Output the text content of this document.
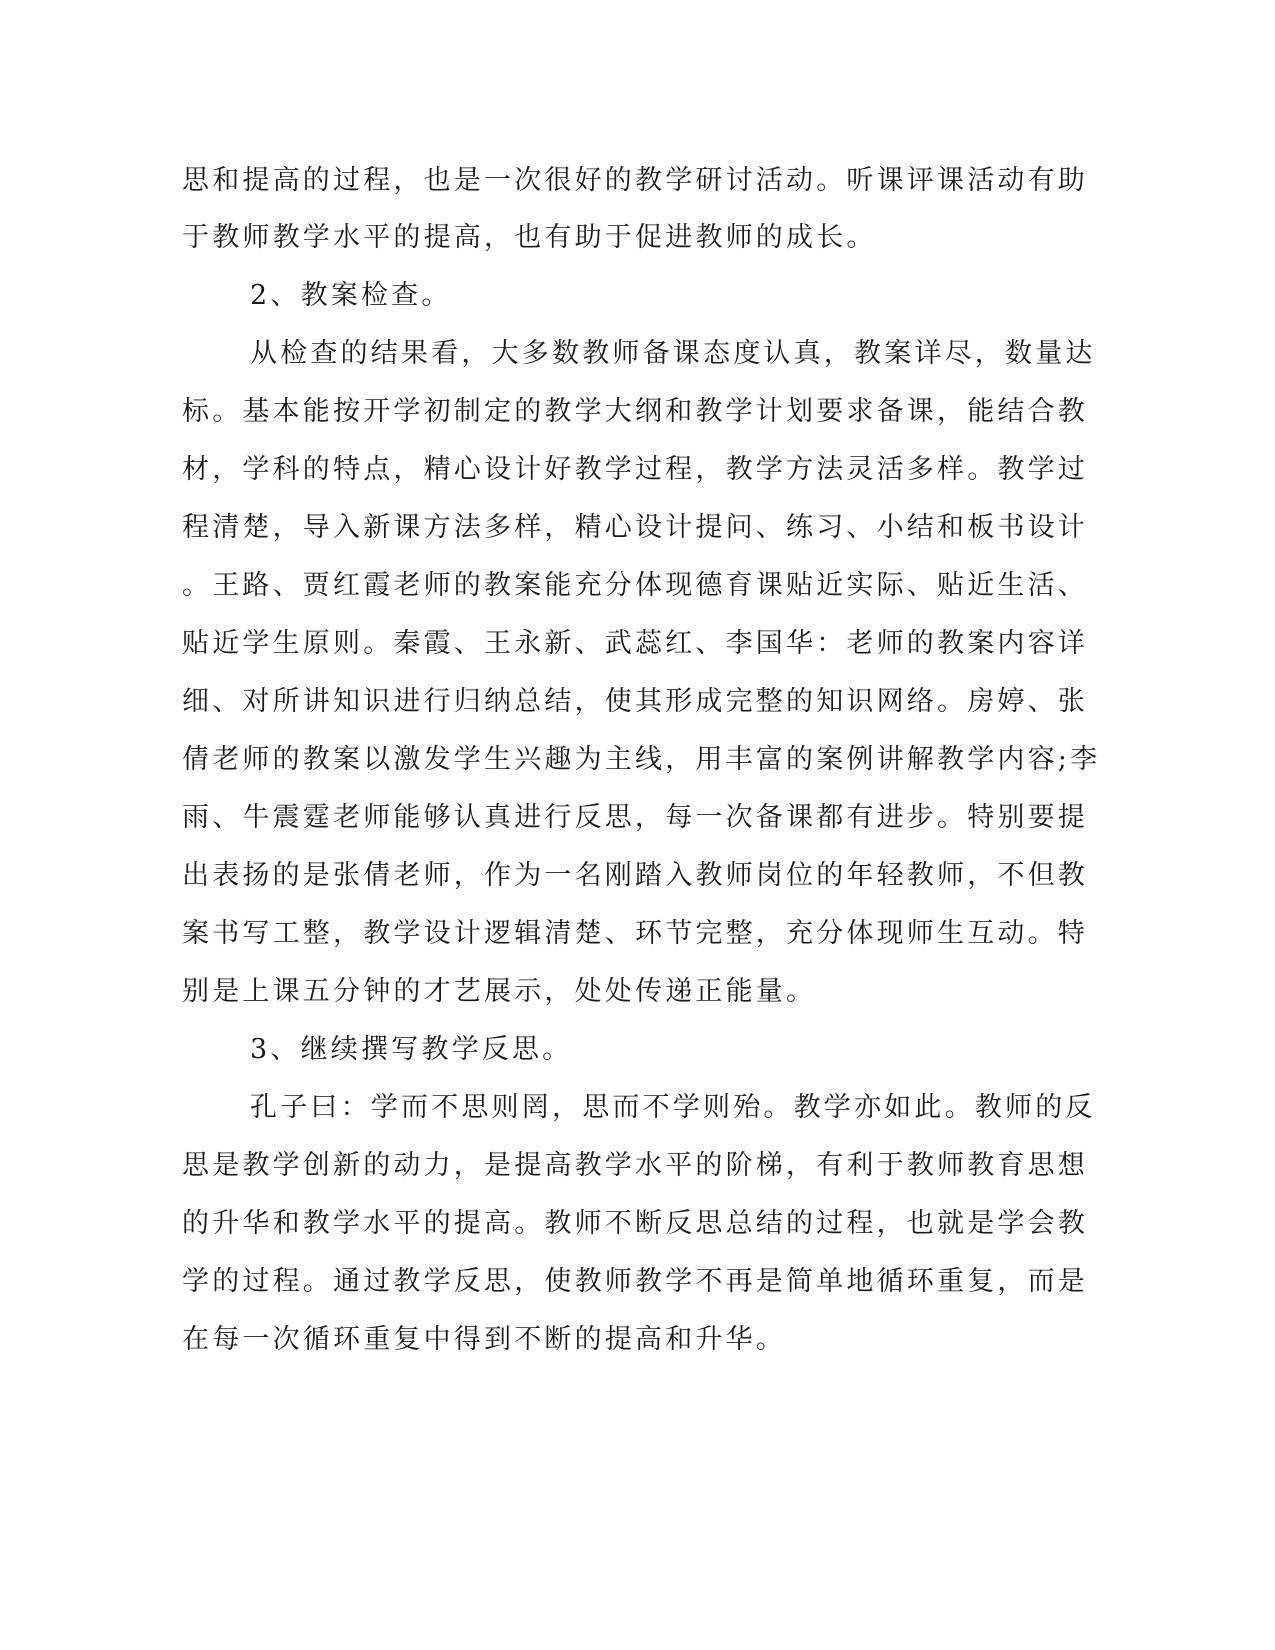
思和提高的过程，也是一次很好的教学研讨活动。听课评课活动有助
于教师教学水平的提高，也有助于促进教师的成长。
2、教案检查。
从检查的结果看，大多数教师备课态度认真，教案详尽，数量达
标。基本能按开学初制定的教学大纲和教学计划要求备课，能结合教
材，学科的特点，精心设计好教学过程，教学方法灵活多样。教学过
程清楚，导入新课方法多样，精心设计提问、练习、小结和板书设计
。王路、贾红霞老师的教案能充分体现德育课贴近实际、贴近生活、
贴近学生原则。秦霞、王永新、武蕊红、李国华：老师的教案内容详
细、对所讲知识进行归纳总结，使其形成完整的知识网络。房婷、张
倩老师的教案以激发学生兴趣为主线，用丰富的案例讲解教学内容;李
雨、牛震霆老师能够认真进行反思，每一次备课都有进步。特别要提
出表扬的是张倩老师，作为一名刚踏入教师岗位的年轻教师，不但教
案书写工整，教学设计逻辑清楚、环节完整，充分体现师生互动。特
别是上课五分钟的才艺展示，处处传递正能量。
3、继续撰写教学反思。
孔子曰：学而不思则罔，思而不学则殆。教学亦如此。教师的反
思是教学创新的动力，是提高教学水平的阶梯，有利于教师教育思想
的升华和教学水平的提高。教师不断反思总结的过程，也就是学会教
学的过程。通过教学反思，使教师教学不再是简单地循环重复，而是
在每一次循环重复中得到不断的提高和升华。
